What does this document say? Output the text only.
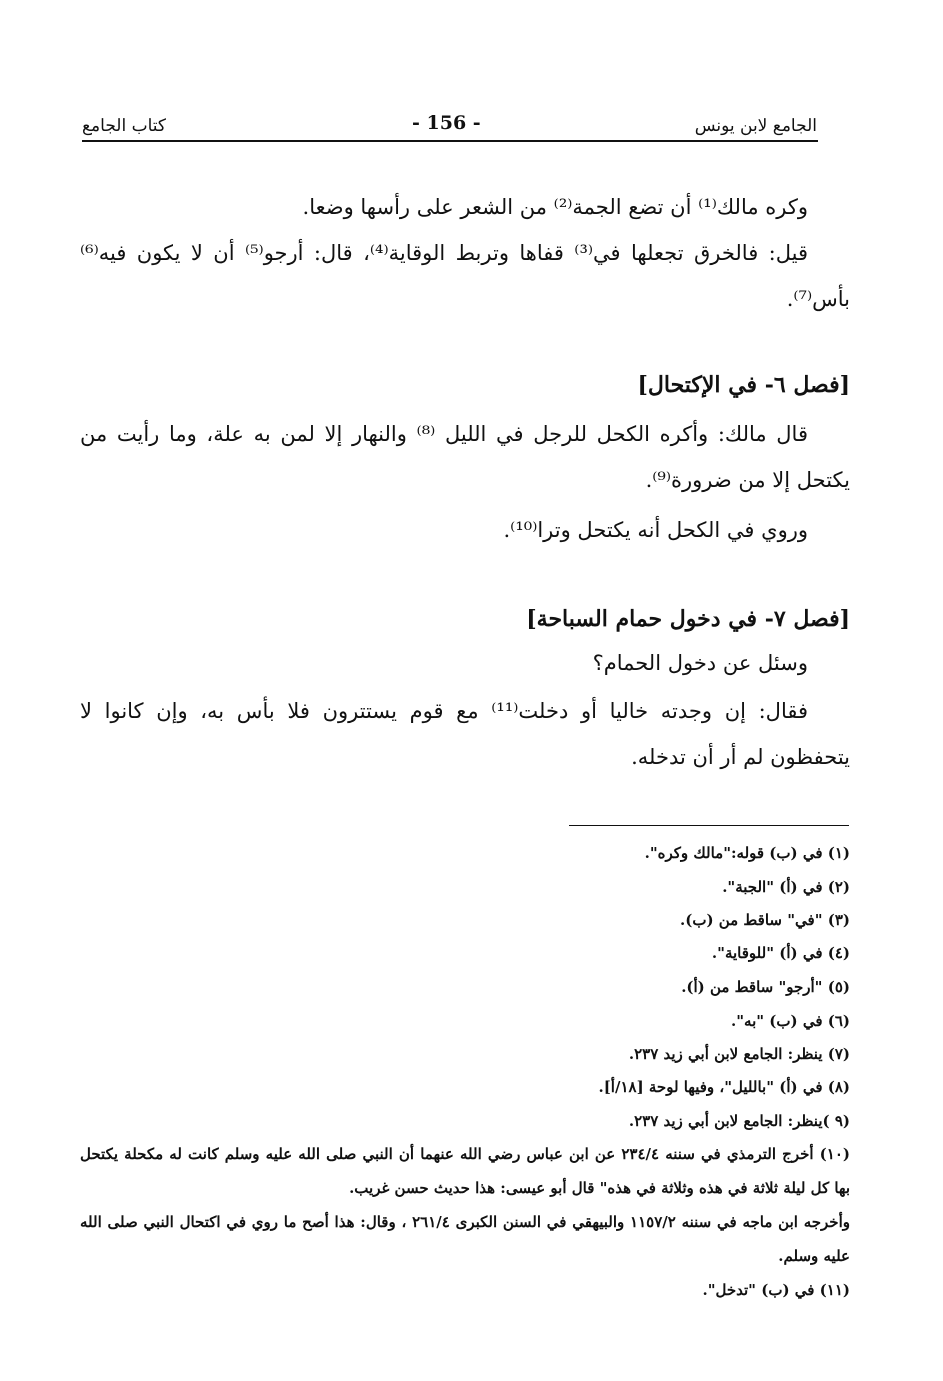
الجامع لابن يونس
- 156 -
كتاب الجامع

وكره مالك⁽¹⁾ أن تضع الجمة⁽²⁾ من الشعر على رأسها وضعا.

قيل: فالخرق تجعلها في⁽³⁾ قفاها وتربط الوقاية⁽⁴⁾، قال: أرجو⁽⁵⁾ أن لا يكون فيه⁽⁶⁾ بأس⁽⁷⁾.

[فصل ٦- في الإكتحال]

قال مالك: وأكره الكحل للرجل في الليل ⁽⁸⁾ والنهار إلا لمن به علة، وما رأيت من يكتحل إلا من ضرورة⁽⁹⁾.

وروي في الكحل أنه يكتحل وترا⁽¹⁰⁾.

[فصل ٧- في دخول حمام السباحة]

وسئل عن دخول الحمام؟

فقال: إن وجدته خاليا أو دخلت⁽¹¹⁾ مع قوم يستترون فلا بأس به، وإن كانوا لا يتحفظون لم أر أن تدخله.

(١) في (ب) قوله:"مالك وكره".

(٢) في (أ) "الجبة".

(٣) "في" ساقط من (ب).

(٤) في (أ) "للوقاية".

(٥) "أرجو" ساقط من (أ).

(٦) في (ب) "به".

(٧) ينظر: الجامع لابن أبي زيد ٢٣٧.

(٨) في (أ) "بالليل"، وفيها لوحة [١٨/أ].

(٩ )ينظر: الجامع لابن أبي زيد ٢٣٧.

(١٠) أخرج الترمذي في سننه ٢٣٤/٤ عن ابن عباس رضي الله عنهما أن النبي صلى الله عليه وسلم كانت له مكحلة يكتحل بها كل ليلة ثلاثة في هذه وثلاثة في هذه" قال أبو عيسى: هذا حديث حسن غريب.

وأخرجه ابن ماجه في سننه ١١٥٧/٢ والبيهقي في السنن الكبرى ٢٦١/٤ ، وقال: هذا أصح ما روي في اكتحال النبي صلى الله عليه وسلم.

(١١) في (ب) "تدخل".
